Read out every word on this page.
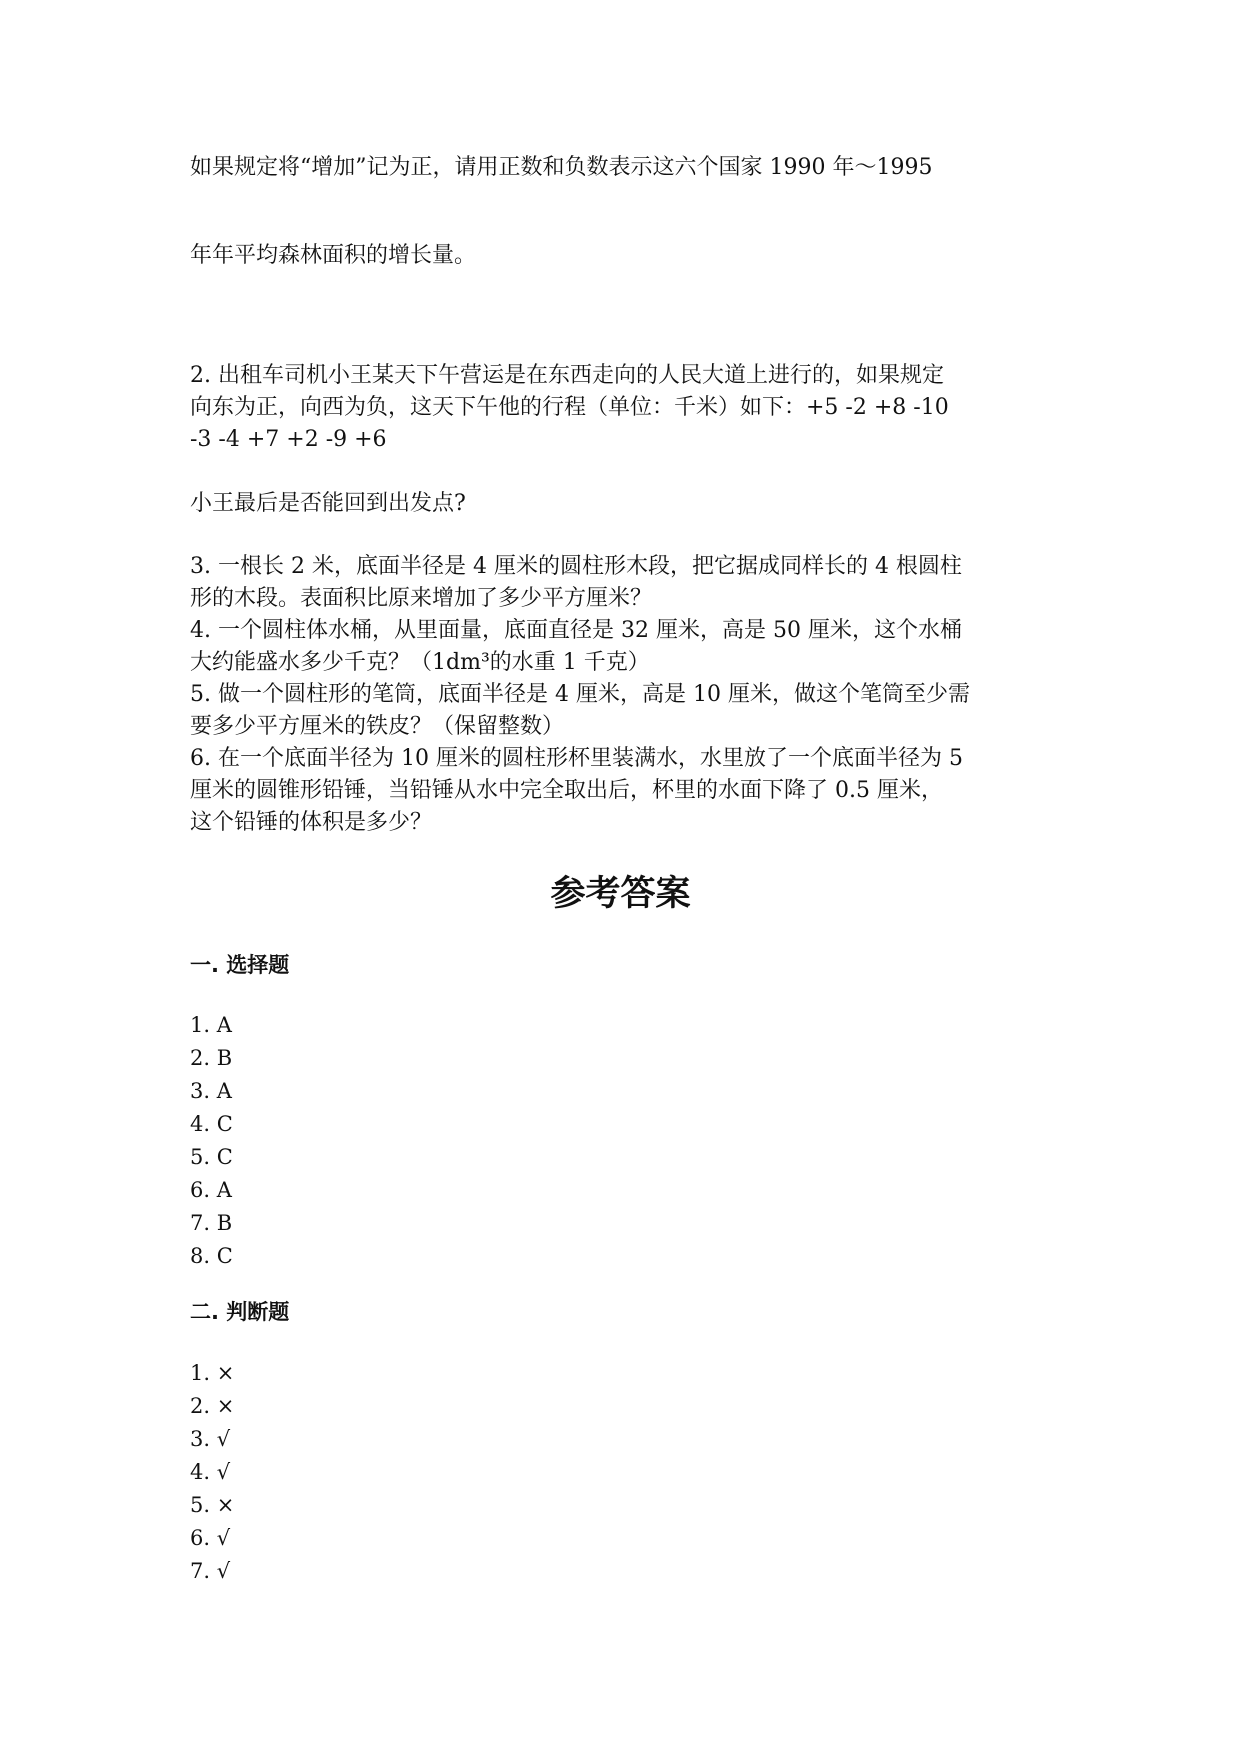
如果规定将“增加”记为正，请用正数和负数表示这六个国家 1990 年～1995
年年平均森林面积的增长量。
2. 出租车司机小王某天下午营运是在东西走向的人民大道上进行的，如果规定
向东为正，向西为负，这天下午他的行程（单位：千米）如下：+5 -2 +8 -10
-3 -4 +7 +2 -9 +6
小王最后是否能回到出发点?
3. 一根长 2 米，底面半径是 4 厘米的圆柱形木段，把它据成同样长的 4 根圆柱
形的木段。表面积比原来增加了多少平方厘米？
4. 一个圆柱体水桶，从里面量，底面直径是 32 厘米，高是 50 厘米，这个水桶
大约能盛水多少千克？（1dm³的水重 1 千克）
5. 做一个圆柱形的笔筒，底面半径是 4 厘米，高是 10 厘米，做这个笔筒至少需
要多少平方厘米的铁皮？（保留整数）
6. 在一个底面半径为 10 厘米的圆柱形杯里装满水，水里放了一个底面半径为 5
厘米的圆锥形铅锤，当铅锤从水中完全取出后，杯里的水面下降了 0.5 厘米，
这个铅锤的体积是多少？
参考答案
一. 选择题
1. A
2. B
3. A
4. C
5. C
6. A
7. B
8. C
二. 判断题
1. ×
2. ×
3. √
4. √
5. ×
6. √
7. √
